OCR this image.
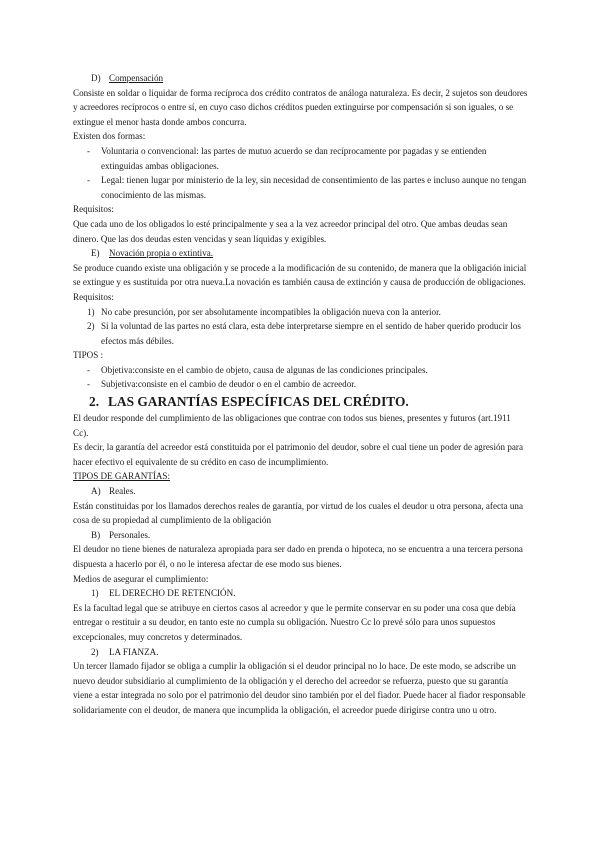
D) Compensación

Consiste en soldar o liquidar de forma recíproca dos crédito contratos de análoga naturaleza. Es decir, 2 sujetos son deudores y acreedores recíprocos o entre sí, en cuyo caso dichos créditos pueden extinguirse por compensación si son iguales, o se extingue el menor hasta donde ambos concurra.

Existen dos formas:

- Voluntaria o convencional: las partes de mutuo acuerdo se dan recíprocamente por pagadas y se entienden extinguidas ambas obligaciones.
- Legal: tienen lugar por ministerio de la ley, sin necesidad de consentimiento de las partes e incluso aunque no tengan conocimiento de las mismas.

Requisitos:

Que cada uno de los obligados lo esté principalmente y sea a la vez acreedor principal del otro. Que ambas deudas sean dinero. Que las dos deudas esten vencidas y sean líquidas y exigibles.

E) Novación propia o extintiva.

Se produce cuando existe una obligación y se procede a la modificación de su contenido, de manera que la obligación inicial se extingue y es sustituida por otra nueva.La novación es también causa de extinción y causa de producción de obligaciones.

Requisitos:

1) No cabe presunción, por ser absolutamente incompatibles la obligación nueva con la anterior.
2) Si la voluntad de las partes no está clara, esta debe interpretarse siempre en el sentido de haber querido producir los efectos más débiles.

TIPOS :

- Objetiva:consiste en el cambio de objeto, causa de algunas de las condiciones principales.
- Subjetiva:consiste en el cambio de deudor o en el cambio de acreedor.
2. LAS GARANTÍAS ESPECÍFICAS DEL CRÉDITO.

El deudor responde del cumplimiento de las obligaciones que contrae con todos sus bienes, presentes y futuros (art.1911 Cc).

Es decir, la garantía del acreedor está constituida por el patrimonio del deudor, sobre el cual tiene un poder de agresión para hacer efectivo el equivalente de su crédito en caso de incumplimiento.

TIPOS DE GARANTÍAS:

A) Reales.

Están constituidas por los llamados derechos reales de garantía, por virtud de los cuales el deudor u otra persona, afecta una cosa de su propiedad al cumplimiento de la obligación

B) Personales.

El deudor no tiene bienes de naturaleza apropiada para ser dado en prenda o hipoteca, no se encuentra a una tercera persona dispuesta a hacerlo por él, o no le interesa afectar de ese modo sus bienes.

Medios de asegurar el cumplimiento:

1) EL DERECHO DE RETENCIÓN.

Es la facultad legal que se atribuye en ciertos casos al acreedor y que le permite conservar en su poder una cosa que debía entregar o restituir a su deudor, en tanto este no cumpla su obligación. Nuestro Cc lo prevé sólo para unos supuestos excepcionales, muy concretos y determinados.

2) LA FIANZA.

Un tercer llamado fijador se obliga a cumplir la obligación si el deudor principal no lo hace. De este modo, se adscribe un nuevo deudor subsidiario al cumplimiento de la obligación y el derecho del acreedor se refuerza, puesto que su garantía viene a estar integrada no solo por el patrimonio del deudor sino también por el del fiador. Puede hacer al fiador responsable solidariamente con el deudor, de manera que incumplida la obligación, el acreedor puede dirigirse contra uno u otro.
